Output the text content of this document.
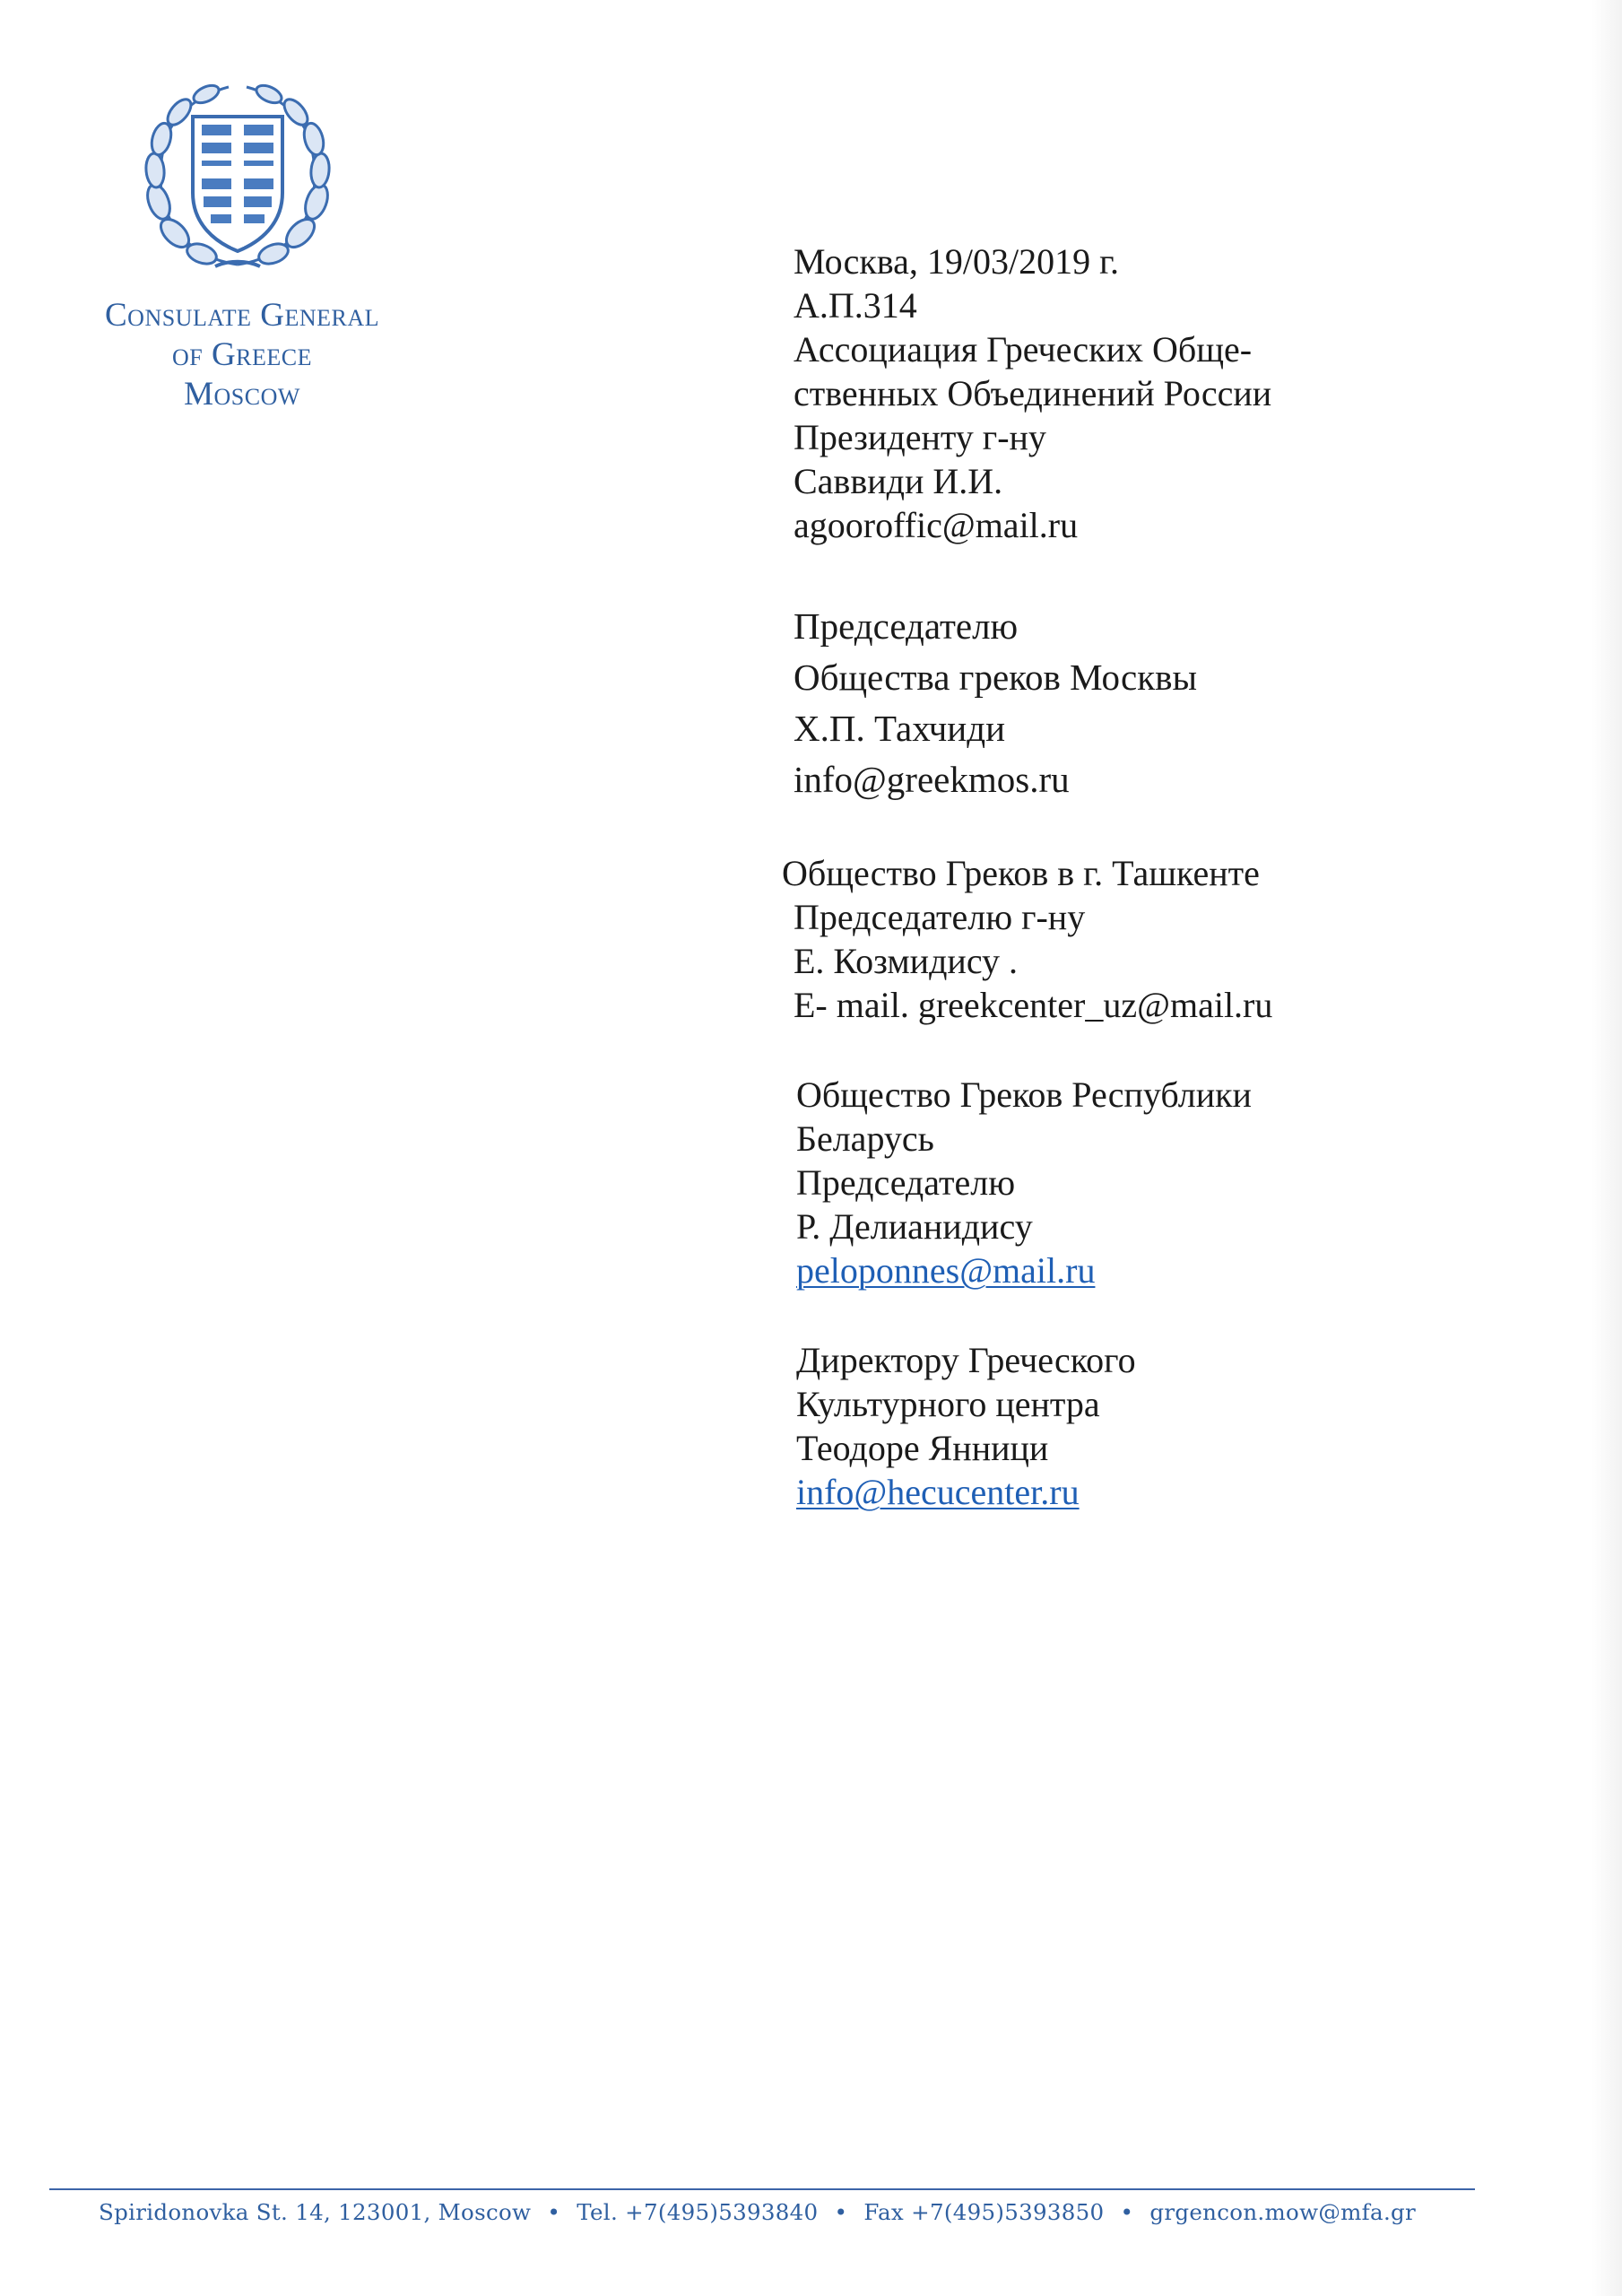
Consulate General
of Greece
Moscow
Москва, 19/03/2019 г.
А.П.314
Ассоциация Греческих Обще-
ственных Объединений России
Президенту г-ну
Саввиди И.И.
agooroffic@mail.ru
Председателю
Общества греков Москвы
Х.П. Тахчиди
info@greekmos.ru
Общество Греков в г. Ташкенте
Председателю г-ну
Е. Козмидису .
E- mail. greekcenter_uz@mail.ru
Общество Греков Республики
Беларусь
Председателю
Р. Делианидису
peloponnes@mail.ru
Директору Греческого
Культурного центра
Теодоре Янници
info@hecucenter.ru
Spiridonovka St. 14, 123001, Moscow • Tel. +7(495)5393840 • Fax +7(495)5393850 • grgencon.mow@mfa.gr
